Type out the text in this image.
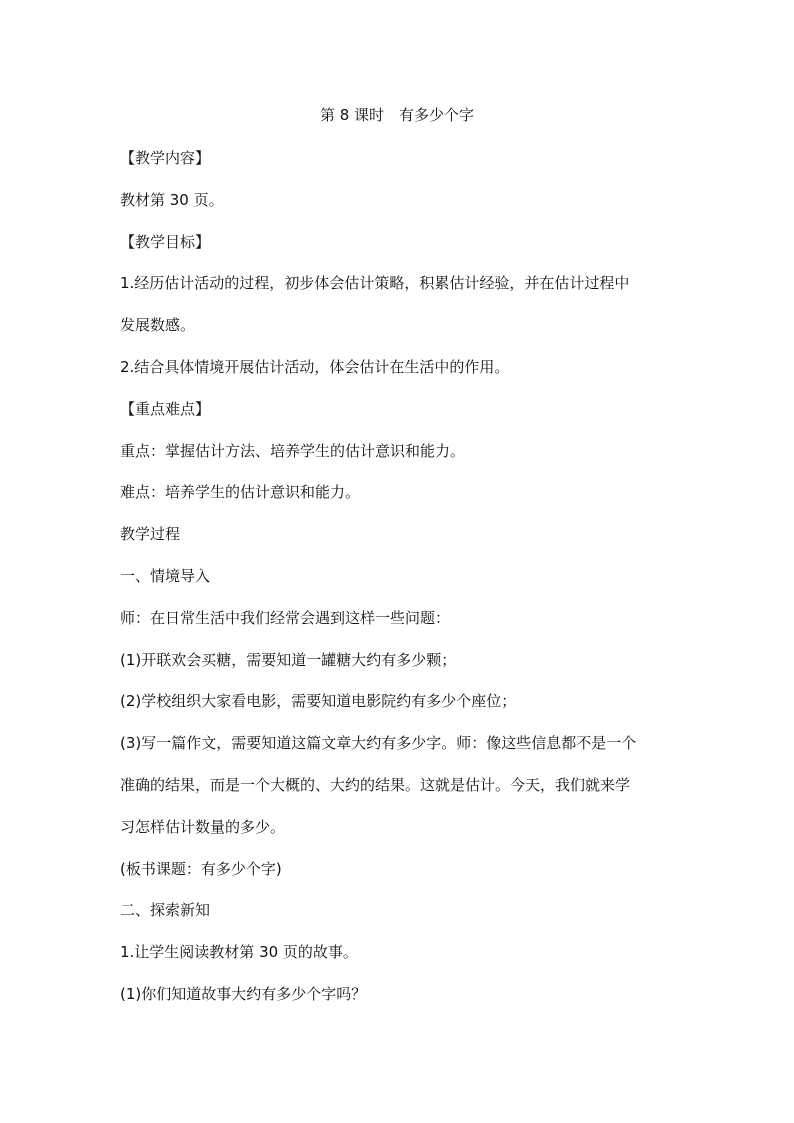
第 8 课时　有多少个字
【教学内容】
教材第 30 页。
【教学目标】
1.经历估计活动的过程，初步体会估计策略，积累估计经验，并在估计过程中
发展数感。
2.结合具体情境开展估计活动，体会估计在生活中的作用。
【重点难点】
重点：掌握估计方法、培养学生的估计意识和能力。
难点：培养学生的估计意识和能力。
教学过程
一、情境导入
师：在日常生活中我们经常会遇到这样一些问题：
(1)开联欢会买糖，需要知道一罐糖大约有多少颗；
(2)学校组织大家看电影，需要知道电影院约有多少个座位；
(3)写一篇作文，需要知道这篇文章大约有多少字。师：像这些信息都不是一个
准确的结果，而是一个大概的、大约的结果。这就是估计。今天，我们就来学
习怎样估计数量的多少。
(板书课题：有多少个字)
二、探索新知
1.让学生阅读教材第 30 页的故事。
(1)你们知道故事大约有多少个字吗？
